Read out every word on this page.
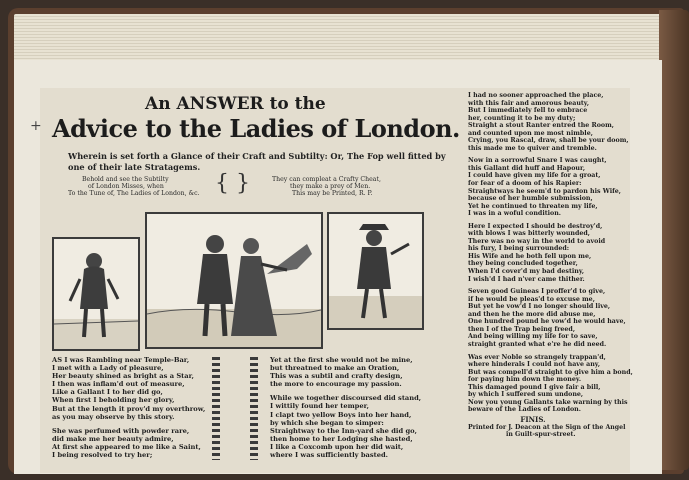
+

An ANSWER to the
Advice to the Ladies of London.
Wherein is set forth a Glance of their Craft and Subtilty: Or, The Fop well fitted by one of their late Stratagems.
Behold and see the Subtilty
of London Misses, when
To the Tune of, The Ladies of London, &c. { }	They can compleat a Crafty Cheat,
they make a prey of Men.
This may be Printed, R. P.
AS I was Rambling near Temple-Bar,
I met with a Lady of pleasure,
Her beauty shined as bright as a Star,
I then was inflam'd out of measure,
Like a Gallant I to her did go,
When first I beholding her glory,
But at the length it prov'd my overthrow,
as you may observe by this story.
She was perfumed with powder rare,
did make me her beauty admire,
At first she appeared to me like a Saint,
I being resolved to try her;
Yet at the first she would not be mine,
but threatned to make an Oration,
This was a subtil and crafty design,
the more to encourage my passion.
While we together discoursed did stand,
I wittily found her temper,
I clapt two yellow Boys into her hand,
by which she began to simper:
Straightway to the Inn-yard she did go,
then home to her Lodging she hasted,
I like a Coxcomb upon her did wait,
where I was sufficiently basted.
I had no sooner approached the place,
with this fair and amorous beauty,
But I immediately fell to embrace
her, counting it to be my duty;
Straight a stout Ranter entred the Room,
and counted upon me most nimble,
Crying, you Rascal, draw, shall be your doom,
this made me to quiver and tremble.
Now in a sorrowful Snare I was caught,
this Gallant did huff and Hapour,
I could have given my life for a groat,
for fear of a doom of his Rapier:
Straightways he seem'd to pardon his Wife,
because of her humble submission,
Yet he continued to threaten my life,
I was in a woful condition.
Here I expected I should be destroy'd,
with blows I was bitterly wounded,
There was no way in the world to avoid
his fury, I being surrounded:
His Wife and he both fell upon me,
they being concluded together,
When I'd cover'd my bad destiny,
I wish'd I had n'ver came thither.
Seven good Guineas I proffer'd to give,
if he would be pleas'd to excuse me,
But yet he vow'd I no longer should live,
and then he the more did abuse me,
One hundred pound he vow'd he would have,
then I of the Trap being freed,
And being willing my life for to save,
straight granted what e're he did need.
Was ever Noble so strangely trappan'd,
where hinderals I could not have any,
But was compell'd straight to give him a bond,
for paying him down the money.
This damaged pound I give fair a bill,
by which I suffered sum undone,
Now you young Gallants take warning by this
beware of the Ladies of London.
FINIS.
Printed for J. Deacon at the Sign of the Angel
in Guilt-spur-street.
